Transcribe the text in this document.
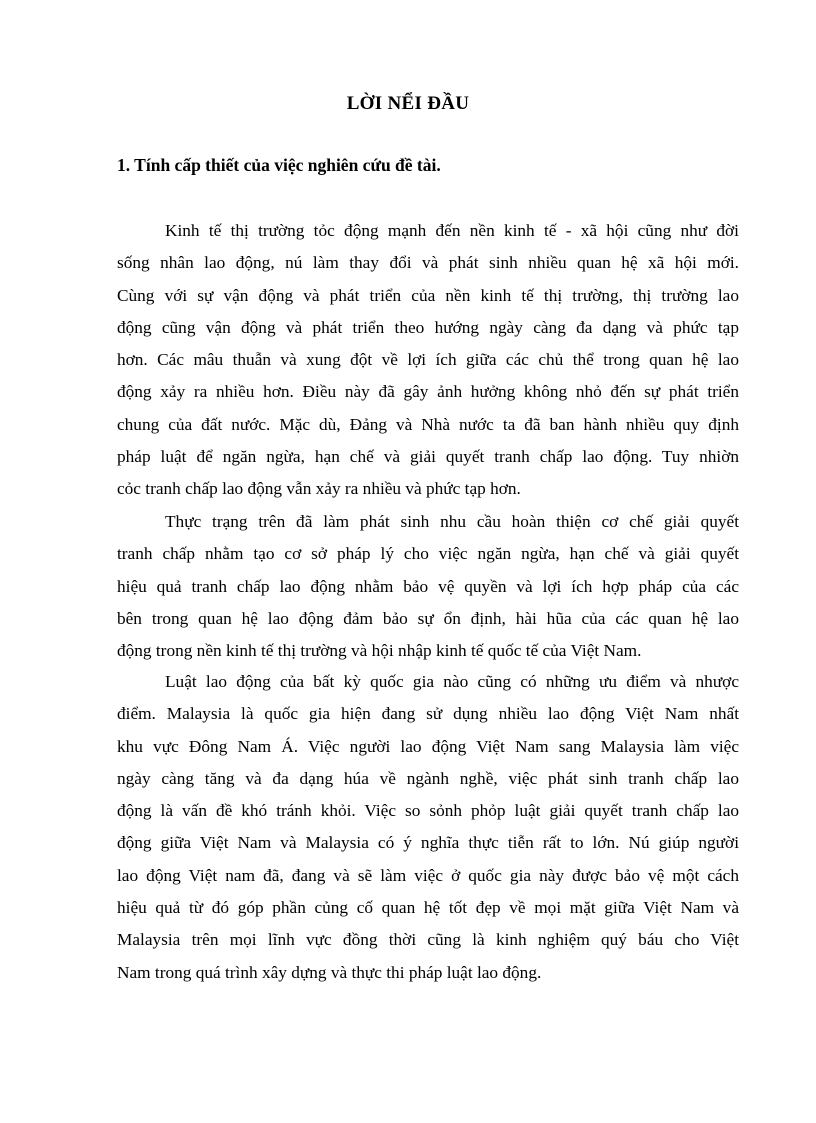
LỜI NỂI ĐẦU
1. Tính cấp thiết của việc nghiên cứu đề tài.
Kinh tế thị trường tỏc động mạnh đến nền kinh tế - xã hội cũng như đời
sống nhân lao động, nú làm thay đổi và phát sinh nhiều quan hệ xã hội mới.
Cùng với sự vận động và phát triển của nền kinh tế thị trường, thị trường lao
động cũng vận động và phát triển theo hướng ngày càng đa dạng và phức tạp
hơn. Các mâu thuẫn và xung đột về lợi ích giữa các chủ thể trong quan hệ lao
động xảy ra nhiều hơn. Điều này đã gây ảnh hưởng không nhỏ đến sự phát triển
chung của đất nước. Mặc dù, Đảng và Nhà nước ta đã ban hành nhiều quy định
pháp luật để ngăn ngừa, hạn chế và giải quyết tranh chấp lao động. Tuy nhiờn
cỏc tranh chấp lao động vẫn xảy ra nhiều và phức tạp hơn.
Thực trạng trên đã làm phát sinh nhu cầu hoàn thiện cơ chế giải quyết
tranh chấp nhằm tạo cơ sở pháp lý cho việc ngăn ngừa, hạn chế và giải quyết
hiệu quả tranh chấp lao động nhằm bảo vệ quyền và lợi ích hợp pháp của các
bên trong quan hệ lao động đảm bảo sự ổn định, hài hũa của các quan hệ lao
động trong nền kinh tế thị trường và hội nhập kinh tế quốc tế của Việt Nam.
Luật lao động của bất kỳ quốc gia nào cũng có những ưu điểm và nhược
điểm. Malaysia là quốc gia hiện đang sử dụng nhiều lao động Việt Nam nhất
khu vực Đông Nam Á. Việc người lao động Việt Nam sang Malaysia làm việc
ngày càng tăng và đa dạng húa về ngành nghề, việc phát sinh tranh chấp lao
động là vấn đề khó tránh khỏi. Việc so sỏnh phỏp luật giải quyết tranh chấp lao
động giữa Việt Nam và Malaysia có ý nghĩa thực tiễn rất to lớn. Nú giúp người
lao động Việt nam đã, đang và sẽ làm việc ở quốc gia này được bảo vệ một cách
hiệu quả từ đó góp phần củng cố quan hệ tốt đẹp về mọi mặt giữa Việt Nam và
Malaysia trên mọi lĩnh vực đồng thời cũng là kinh nghiệm quý báu cho Việt
Nam trong quá trình xây dựng và thực thi pháp luật lao động.
